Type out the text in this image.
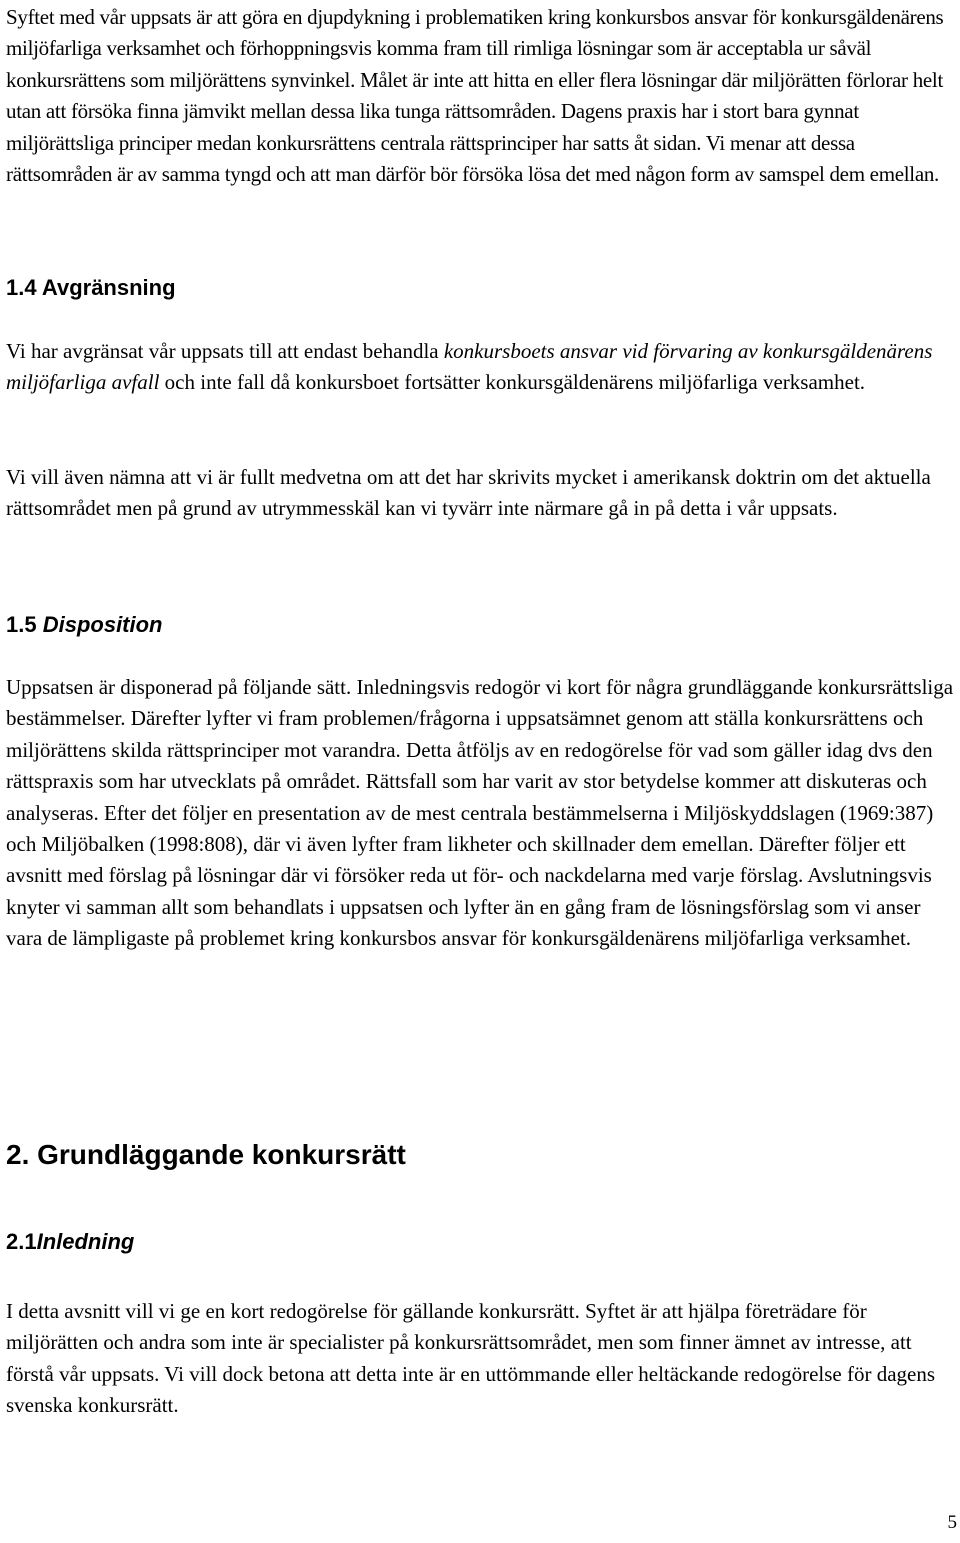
Syftet med vår uppsats är att göra en djupdykning i problematiken kring konkursbos ansvar för konkursgäldenärens miljöfarliga verksamhet och förhoppningsvis komma fram till rimliga lösningar som är acceptabla ur såväl konkursrättens som miljörättens synvinkel. Målet är inte att hitta en eller flera lösningar där miljörätten förlorar helt utan att försöka finna jämvikt mellan dessa lika tunga rättsområden. Dagens praxis har i stort bara gynnat miljörättsliga principer medan konkursrättens centrala rättsprinciper har satts åt sidan. Vi menar att dessa rättsområden är av samma tyngd och att man därför bör försöka lösa det med någon form av samspel dem emellan.

1.4 Avgränsning

Vi har avgränsat vår uppsats till att endast behandla konkursboets ansvar vid förvaring av konkursgäldenärens miljöfarliga avfall och inte fall då konkursboet fortsätter konkursgäldenärens miljöfarliga verksamhet.

Vi vill även nämna att vi är fullt medvetna om att det har skrivits mycket i amerikansk doktrin om det aktuella rättsområdet men på grund av utrymmesskäl kan vi tyvärr inte närmare gå in på detta i vår uppsats.

1.5 Disposition

Uppsatsen är disponerad på följande sätt. Inledningsvis redogör vi kort för några grundläggande konkursrättsliga bestämmelser. Därefter lyfter vi fram problemen/frågorna i uppsatsämnet genom att ställa konkursrättens och miljörättens skilda rättsprinciper mot varandra. Detta åtföljs av en redogörelse för vad som gäller idag dvs den rättspraxis som har utvecklats på området. Rättsfall som har varit av stor betydelse kommer att diskuteras och analyseras. Efter det följer en presentation av de mest centrala bestämmelserna i Miljöskyddslagen (1969:387) och Miljöbalken (1998:808), där vi även lyfter fram likheter och skillnader dem emellan. Därefter följer ett avsnitt med förslag på lösningar där vi försöker reda ut för- och nackdelarna med varje förslag. Avslutningsvis knyter vi samman allt som behandlats i uppsatsen och lyfter än en gång fram de lösningsförslag som vi anser vara de lämpligaste på problemet kring konkursbos ansvar för konkursgäldenärens miljöfarliga verksamhet.

2. Grundläggande konkursrätt
2.1Inledning

I detta avsnitt vill vi ge en kort redogörelse för gällande konkursrätt. Syftet är att hjälpa företrädare för miljörätten och andra som inte är specialister på konkursrättsområdet, men som finner ämnet av intresse, att förstå vår uppsats. Vi vill dock betona att detta inte är en uttömmande eller heltäckande redogörelse för dagens svenska konkursrätt.

5
